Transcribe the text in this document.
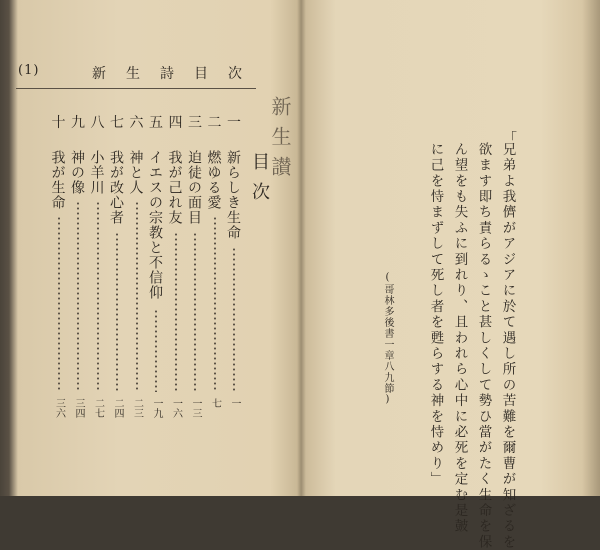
(1)	新生詩目次
一
二
三
四
五
六
七
八
九
十
新らしき生命
一
燃ゆる愛
七
迫徒の面目
一三
我が己れ友
一六
イエスの宗教と不信仰
一九
神と人
二三
我が改心者
二四
小羊川
二七
神の像
三四
我が生命
三六
新生讃
目次
「
兄弟よ我儕がアジアに於て遇し所の苦難を爾曹が知ざるを
欲ます即ち責らるゝこと甚しくして勢ひ當がたく生命を保
ん望をも失ふに到れり、且われら心中に必死を定む是皷
に己を恃まずして死し者を甦らする神を恃めり」
(哥林多後書一章八九節)
